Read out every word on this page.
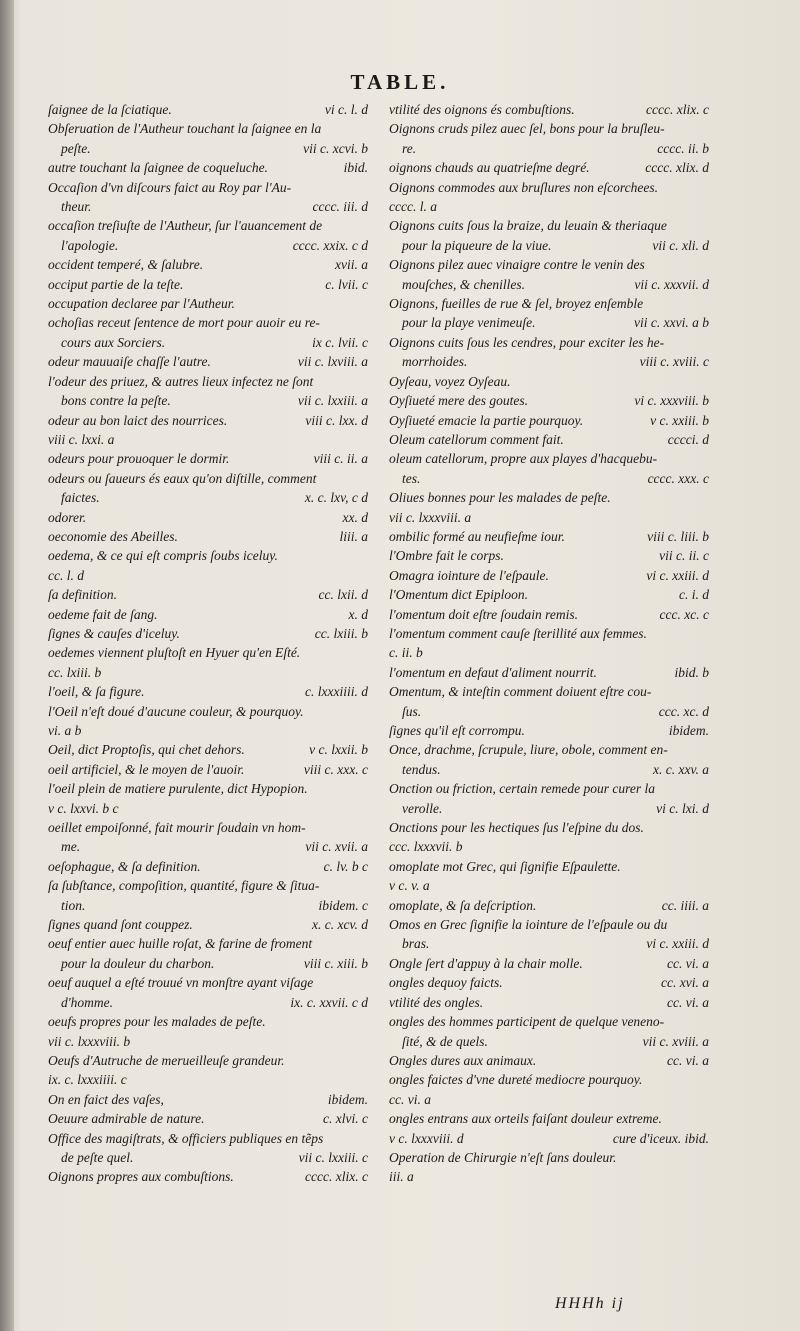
TABLE.
ſaignee de la ſciatique.	vi c. l. d
Obſeruation de l'Autheur touchant la ſaignee en la
peſte.	vii c. xcvi. b
autre touchant la ſaignee de coqueluche.	ibid.
Occaſion d'vn diſcours faict au Roy par l'Au-
theur.	cccc. iii. d
occaſion treſiuſte de l'Autheur, ſur l'auancement de
l'apologie.	cccc. xxix. c d
occident temperé, & ſalubre.	xvii. a
occiput partie de la teſte.	c. lvii. c
occupation declaree par l'Autheur.
ochoſias receut ſentence de mort pour auoir eu re-
cours aux Sorciers.	ix c. lvii. c
odeur mauuaiſe chaſſe l'autre.	vii c. lxviii. a
l'odeur des priuez, & autres lieux infectez ne ſont
bons contre la peſte.	vii c. lxxiii. a
odeur au bon laict des nourrices.	viii c. lxx. d
viii c. lxxi. a
odeurs pour prouoquer le dormir.	viii c. ii. a
odeurs ou ſaueurs és eaux qu'on diſtille, comment
faictes.	x. c. lxv, c d
odorer.	xx. d
oeconomie des Abeilles.	liii. a
oedema, & ce qui eſt compris ſoubs iceluy.
cc. l. d
ſa definition.	cc. lxii. d
oedeme fait de ſang.	x. d
ſignes & cauſes d'iceluy.	cc. lxiii. b
oedemes viennent pluſtoſt en Hyuer qu'en Eſté.
cc. lxiii. b
l'oeil, & ſa figure.	c. lxxxiiii. d
l'Oeil n'eſt doué d'aucune couleur, & pourquoy.
vi. a b
Oeil, dict Proptoſis, qui chet dehors.	v c. lxxii. b
oeil artificiel, & le moyen de l'auoir.	viii c. xxx. c
l'oeil plein de matiere purulente, dict Hypopion.
v c. lxxvi. b c
oeillet empoiſonné, fait mourir ſoudain vn hom-
me.	vii c. xvii. a
oeſophague, & ſa definition.	c. lv. b c
ſa ſubſtance, compoſition, quantité, figure & ſitua-
tion.	ibidem. c
ſignes quand ſont couppez.	x. c. xcv. d
oeuf entier auec huille roſat, & farine de froment
pour la douleur du charbon.	viii c. xiii. b
oeuf auquel a eſté trouué vn monſtre ayant viſage
d'homme.	ix. c. xxvii. c d
oeufs propres pour les malades de peſte.
vii c. lxxxviii. b
Oeufs d'Autruche de merueilleuſe grandeur.
ix. c. lxxxiiii. c
On en faict des vaſes,	ibidem.
Oeuure admirable de nature.	c. xlvi. c
Office des magiſtrats, & officiers publiques en tẽps
de peſte quel.	vii c. lxxiii. c
Oignons propres aux combuſtions.	cccc. xlix. c
vtilité des oignons és combuſtions.	cccc. xlix. c
Oignons cruds pilez auec ſel, bons pour la bruſleu-
re.	cccc. ii. b
oignons chauds au quatrieſme degré.	cccc. xlix. d
Oignons commodes aux bruſlures non eſcorchees.
cccc. l. a
Oignons cuits ſous la braize, du leuain & theriaque
pour la piqueure de la viue.	vii c. xli. d
Oignons pilez auec vinaigre contre le venin des
mouſches, & chenilles.	vii c. xxxvii. d
Oignons, fueilles de rue & ſel, broyez enſemble
pour la playe venimeuſe.	vii c. xxvi. a b
Oignons cuits ſous les cendres, pour exciter les he-
morrhoides.	viii c. xviii. c
Oyſeau, voyez Oyſeau.
Oyſiueté mere des goutes.	vi c. xxxviii. b
Oyſiueté emacie la partie pourquoy.	v c. xxiii. b
Oleum catellorum comment fait.	cccci. d
oleum catellorum, propre aux playes d'hacquebu-
tes.	cccc. xxx. c
Oliues bonnes pour les malades de peſte.
vii c. lxxxviii. a
ombilic formé au neufieſme iour.	viii c. liii. b
l'Ombre fait le corps.	vii c. ii. c
Omagra iointure de l'eſpaule.	vi c. xxiii. d
l'Omentum dict Epiploon.	c. i. d
l'omentum doit eſtre ſoudain remis.	ccc. xc. c
l'omentum comment cauſe ſterillité aux femmes.
c. ii. b
l'omentum en defaut d'aliment nourrit.	ibid. b
Omentum, & inteſtin comment doiuent eſtre cou-
ſus.	ccc. xc. d
ſignes qu'il eſt corrompu.	ibidem.
Once, drachme, ſcrupule, liure, obole, comment en-
tendus.	x. c. xxv. a
Onction ou friction, certain remede pour curer la
verolle.	vi c. lxi. d
Onctions pour les hectiques ſus l'eſpine du dos.
ccc. lxxxvii. b
omoplate mot Grec, qui ſignifie Eſpaulette.
v c. v. a
omoplate, & ſa deſcription.	cc. iiii. a
Omos en Grec ſignifie la iointure de l'eſpaule ou du
bras.	vi c. xxiii. d
Ongle ſert d'appuy à la chair molle.	cc. vi. a
ongles dequoy faicts.	cc. xvi. a
vtilité des ongles.	cc. vi. a
ongles des hommes participent de quelque veneno-
ſité, & de quels.	vii c. xviii. a
Ongles dures aux animaux.	cc. vi. a
ongles faictes d'vne dureté mediocre pourquoy.
cc. vi. a
ongles entrans aux orteils faiſant douleur extreme.
v c. lxxxviii. d	cure d'iceux. ibid.
Operation de Chirurgie n'eſt ſans douleur.
iii. a
HHHh ij
